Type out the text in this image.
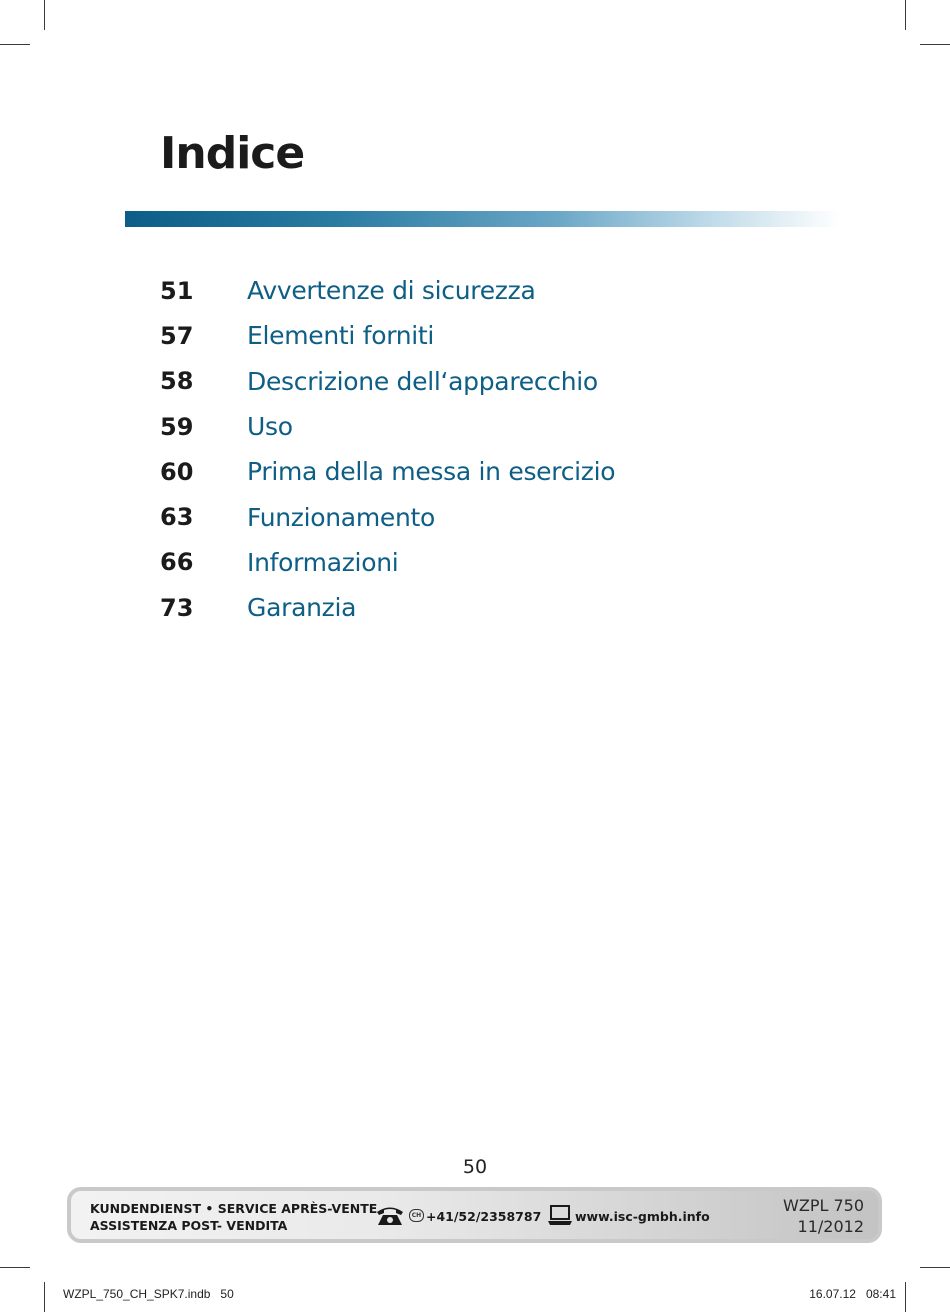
Indice
51	Avvertenze di sicurezza
57	Elementi forniti
58	Descrizione dell‘apparecchio
59	Uso
60	Prima della messa in esercizio
63	Funzionamento
66	Informazioni
73	Garanzia
50
KUNDENDIENST • SERVICE APRÈS-VENTE
ASSISTENZA POST- VENDITA
CH +41/52/2358787	www.isc-gmbh.info
WZPL 750
11/2012
WZPL_750_CH_SPK7.indb   50	16.07.12   08:41
